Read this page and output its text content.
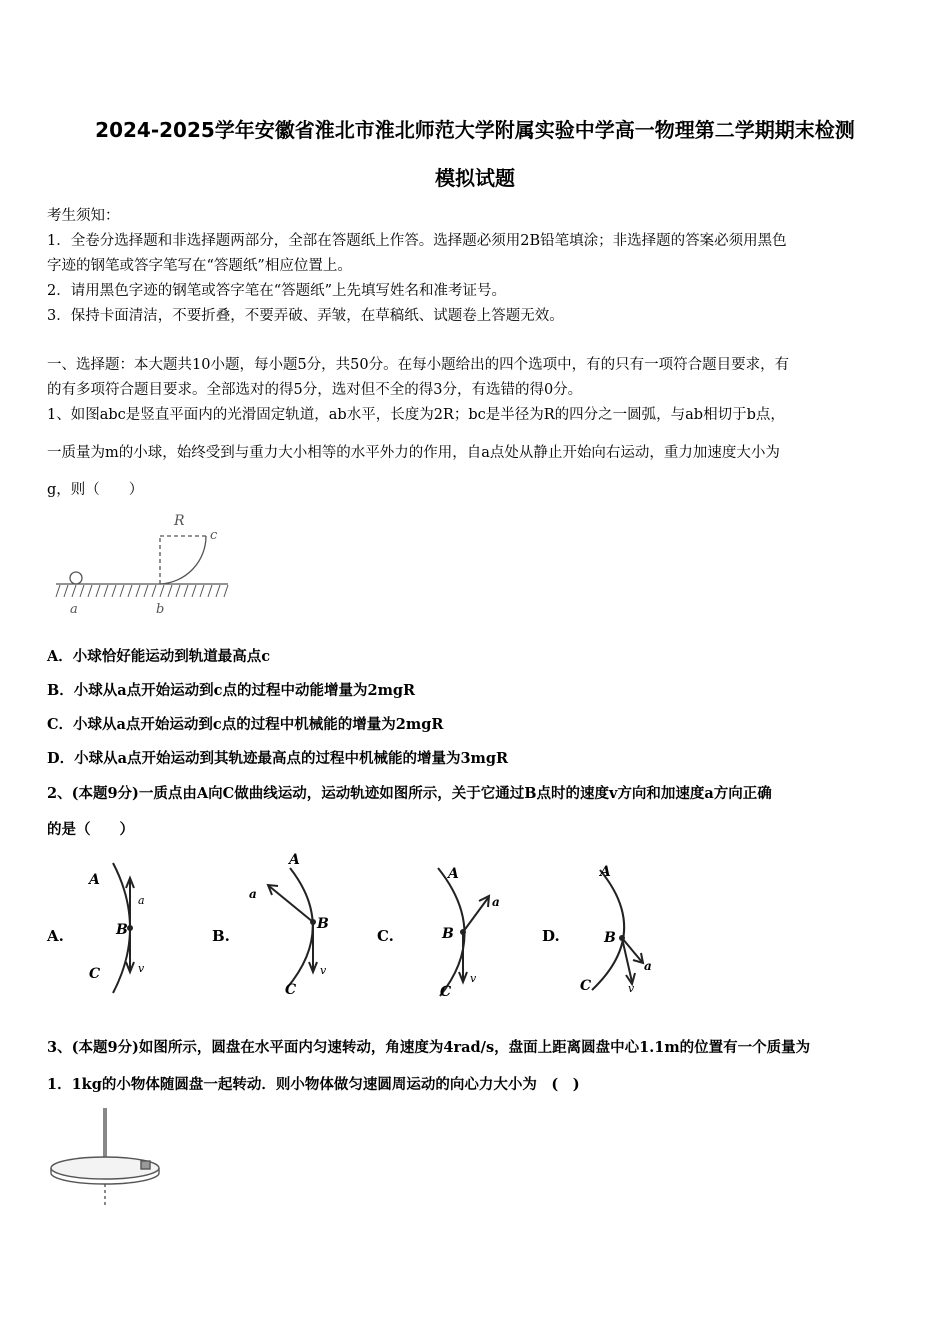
2024-2025学年安徽省淮北市淮北师范大学附属实验中学高一物理第二学期期末检测
模拟试题
考生须知：
1．全卷分选择题和非选择题两部分，全部在答题纸上作答。选择题必须用2B铅笔填涂；非选择题的答案必须用黑色
字迹的钢笔或答字笔写在“答题纸”相应位置上。
2．请用黑色字迹的钢笔或答字笔在“答题纸”上先填写姓名和准考证号。
3．保持卡面清洁，不要折叠，不要弄破、弄皱，在草稿纸、试题卷上答题无效。
一、选择题：本大题共10小题，每小题5分，共50分。在每小题给出的四个选项中，有的只有一项符合题目要求，有
的有多项符合题目要求。全部选对的得5分，选对但不全的得3分，有选错的得0分。
1、如图abc是竖直平面内的光滑固定轨道，ab水平，长度为2R；bc是半径为R的四分之一圆弧，与ab相切于b点，
一质量为m的小球，始终受到与重力大小相等的水平外力的作用，自a点处从静止开始向右运动，重力加速度大小为
g，则（　　）
R
c
a	b
A．小球恰好能运动到轨道最高点c
B．小球从a点开始运动到c点的过程中动能增量为2mgR
C．小球从a点开始运动到c点的过程中机械能的增量为2mgR
D．小球从a点开始运动到其轨迹最高点的过程中机械能的增量为3mgR
2、(本题9分)一质点由A向C做曲线运动，运动轨迹如图所示，关于它通过B点时的速度v方向和加速度a方向正确
的是（　　）
A.	B.	C.	D.
A
B
C
a
v
A
B
C
a
v
A
B
C
a
v
A
B
C
a
v
3、(本题9分)如图所示，圆盘在水平面内匀速转动，角速度为4rad/s，盘面上距离圆盘中心1.1m的位置有一个质量为
1．1kg的小物体随圆盘一起转动．则小物体做匀速圆周运动的向心力大小为　(　)
